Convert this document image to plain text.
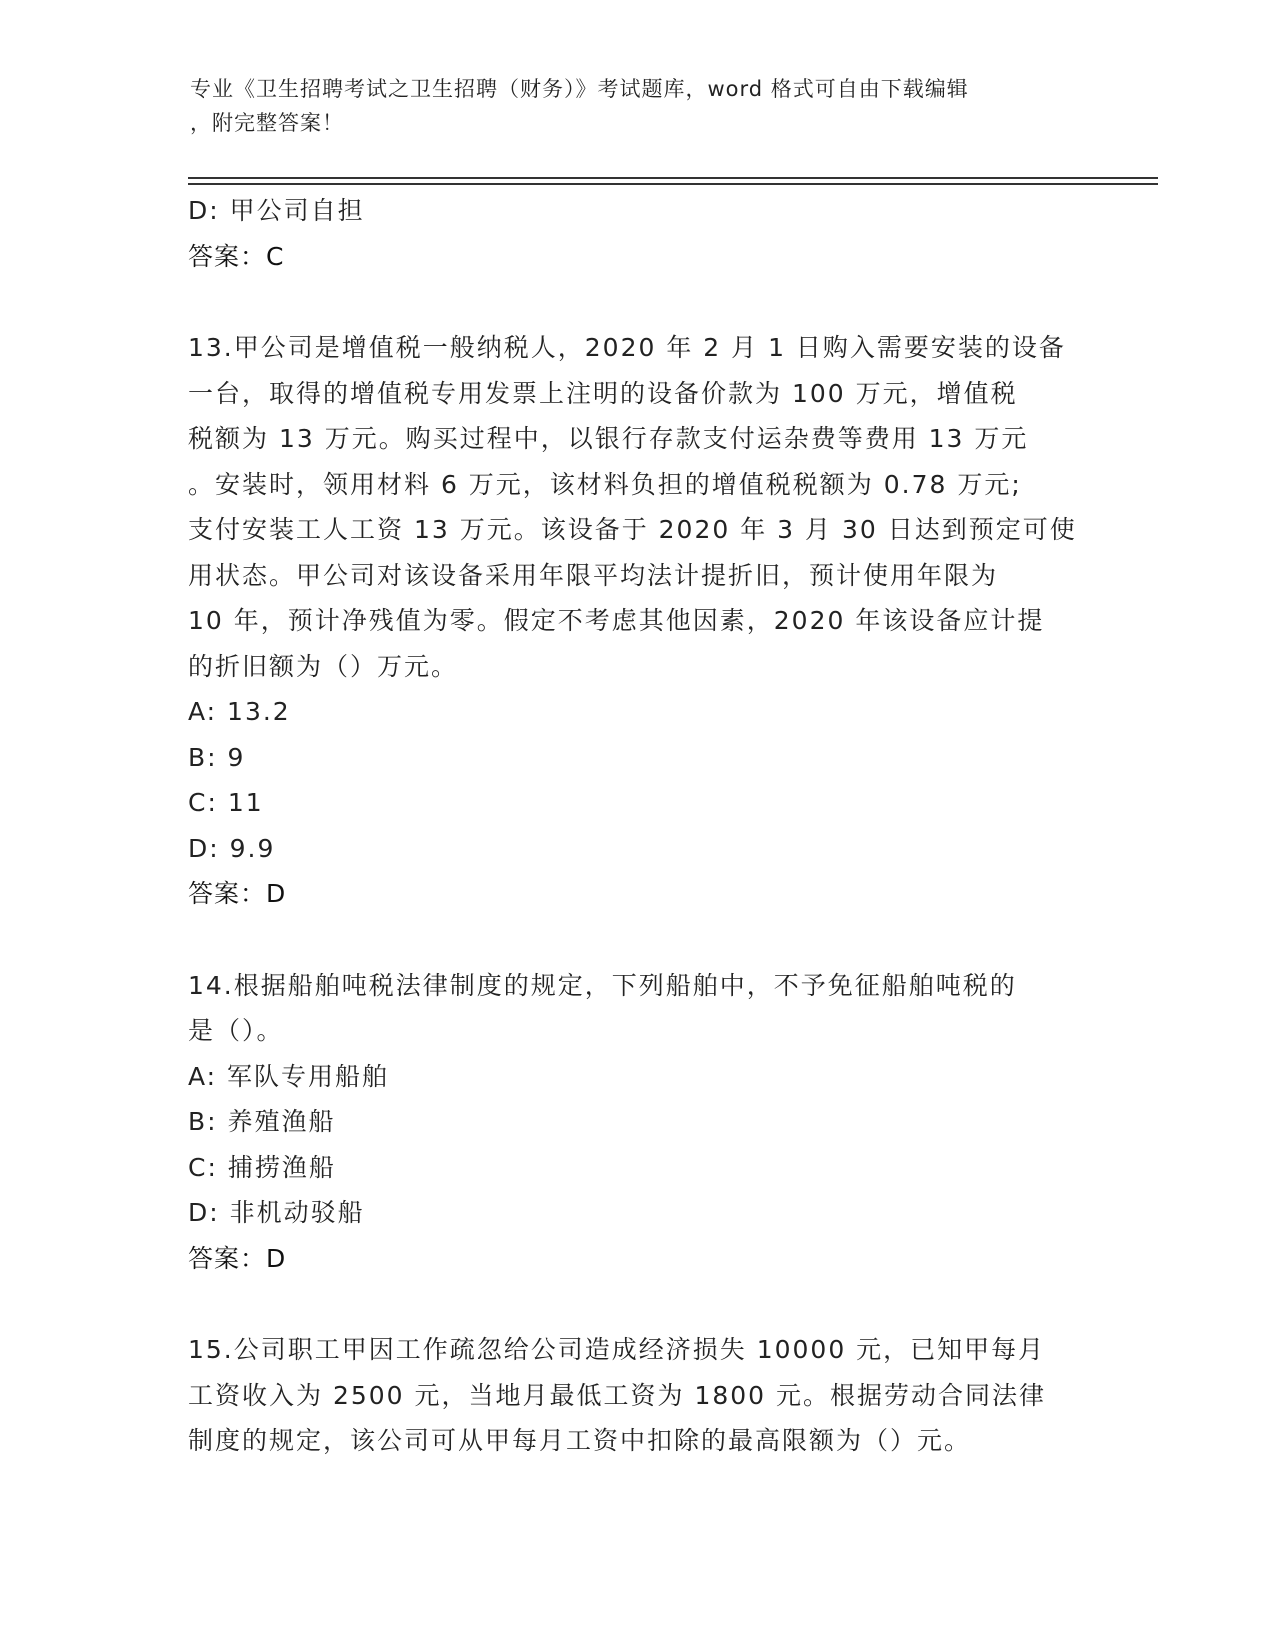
专业《卫生招聘考试之卫生招聘（财务）》考试题库，word 格式可自由下载编辑
，附完整答案！
D: 甲公司自担
答案：C
13.甲公司是增值税一般纳税人，2020 年 2 月 1 日购入需要安装的设备
一台，取得的增值税专用发票上注明的设备价款为 100 万元，增值税
税额为 13 万元。购买过程中，以银行存款支付运杂费等费用 13 万元
。安装时，领用材料 6 万元，该材料负担的增值税税额为 0.78 万元;
支付安装工人工资 13 万元。该设备于 2020 年 3 月 30 日达到预定可使
用状态。甲公司对该设备采用年限平均法计提折旧，预计使用年限为
10 年，预计净残值为零。假定不考虑其他因素，2020 年该设备应计提
的折旧额为（）万元。
A: 13.2
B: 9
C: 11
D: 9.9
答案：D
14.根据船舶吨税法律制度的规定，下列船舶中，不予免征船舶吨税的
是（）。
A: 军队专用船舶
B: 养殖渔船
C: 捕捞渔船
D: 非机动驳船
答案：D
15.公司职工甲因工作疏忽给公司造成经济损失 10000 元，已知甲每月
工资收入为 2500 元，当地月最低工资为 1800 元。根据劳动合同法律
制度的规定，该公司可从甲每月工资中扣除的最高限额为（）元。
